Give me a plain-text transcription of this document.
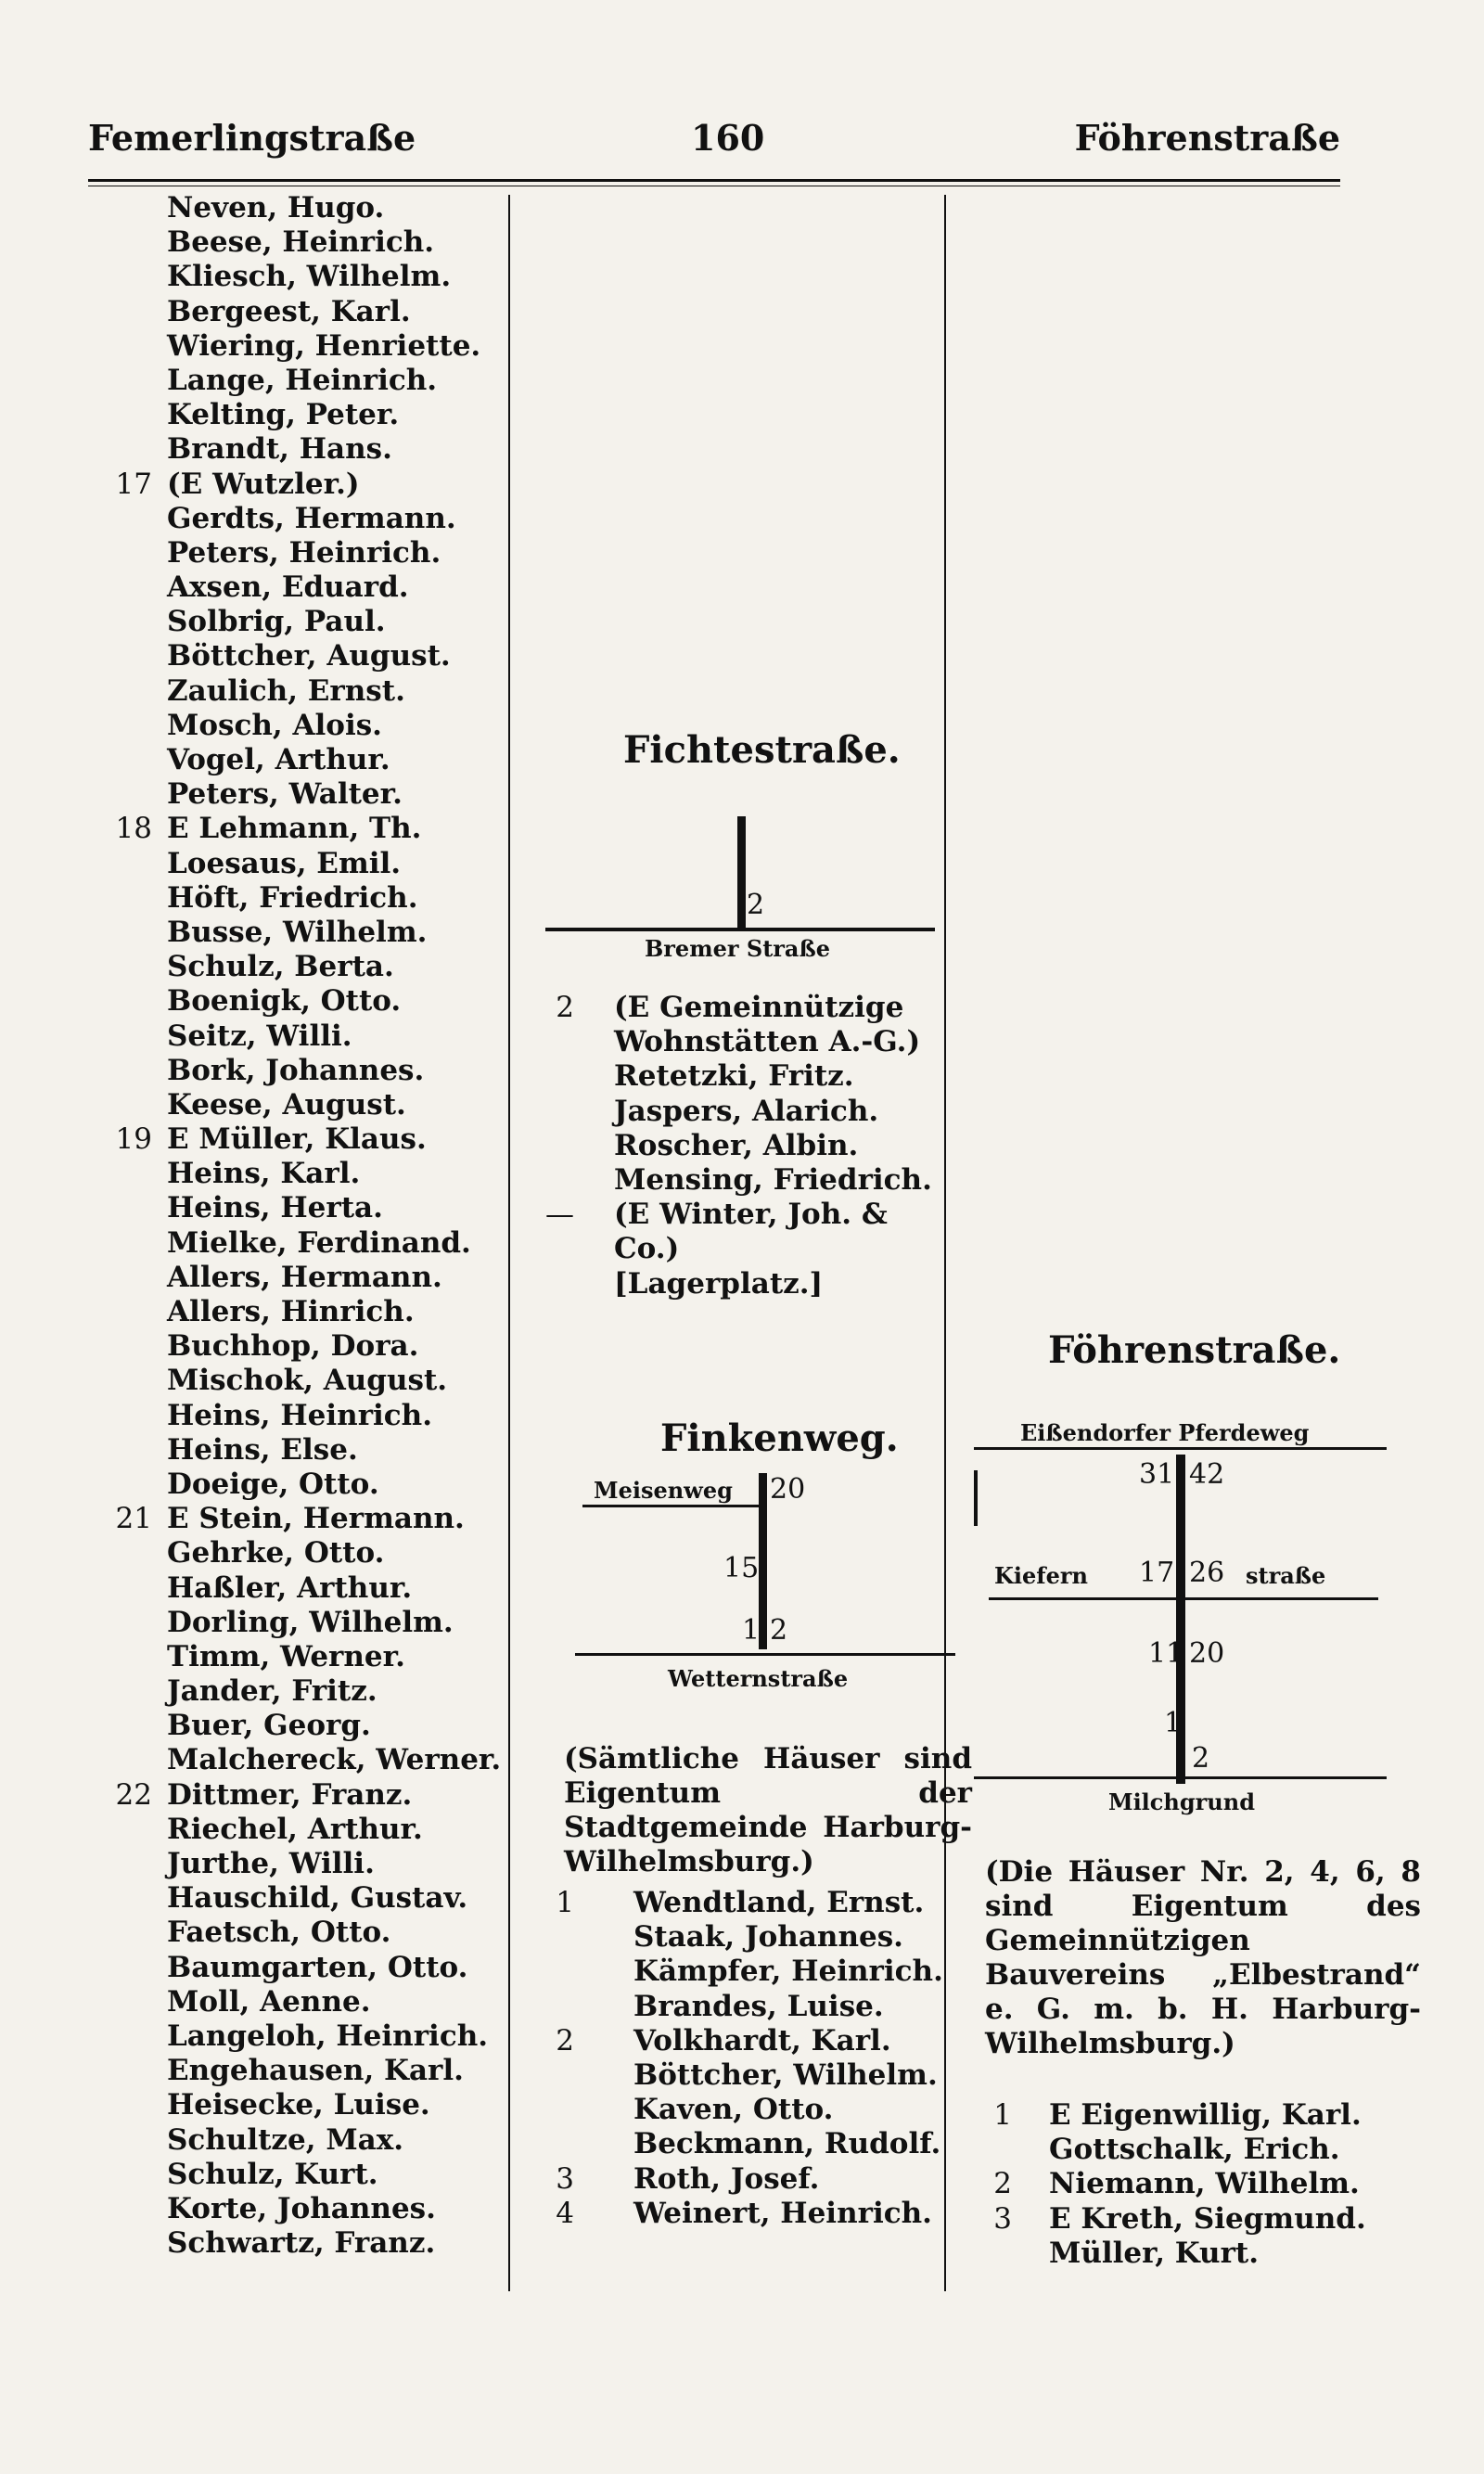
Femerlingstraße	160	Föhrenstraße
Neven, Hugo.
Beese, Heinrich.
Kliesch, Wilhelm.
Bergeest, Karl.
Wiering, Henriette.
Lange, Heinrich.
Kelting, Peter.
Brandt, Hans.
17 (E Wutzler.)
Gerdts, Hermann.
Peters, Heinrich.
Axsen, Eduard.
Solbrig, Paul.
Böttcher, August.
Zaulich, Ernst.
Mosch, Alois.
Vogel, Arthur.
Peters, Walter.
18 E Lehmann, Th.
Loesaus, Emil.
Höft, Friedrich.
Busse, Wilhelm.
Schulz, Berta.
Boenigk, Otto.
Seitz, Willi.
Bork, Johannes.
Keese, August.
19 E Müller, Klaus.
Heins, Karl.
Heins, Herta.
Mielke, Ferdinand.
Allers, Hermann.
Allers, Hinrich.
Buchhop, Dora.
Mischok, August.
Heins, Heinrich.
Heins, Else.
Doeige, Otto.
21 E Stein, Hermann.
Gehrke, Otto.
Haßler, Arthur.
Dorling, Wilhelm.
Timm, Werner.
Jander, Fritz.
Buer, Georg.
Malchereck, Werner.
22 Dittmer, Franz.
Riechel, Arthur.
Jurthe, Willi.
Hauschild, Gustav.
Faetsch, Otto.
Baumgarten, Otto.
Moll, Aenne.
Langeloh, Heinrich.
Engehausen, Karl.
Heisecke, Luise.
Schultze, Max.
Schulz, Kurt.
Korte, Johannes.
Schwartz, Franz.
Fichtestraße.
2
Bremer Straße
2 (E Gemeinnützige
Wohnstätten A.-G.)
Retetzki, Fritz.
Jaspers, Alarich.
Roscher, Albin.
Mensing, Friedrich.
— (E Winter, Joh. &
Co.)
[Lagerplatz.]
Finkenweg.
Meisenweg 20
15
1 2
Wetternstraße
(Sämtliche Häuser sind Eigentum der Stadtgemeinde Harburg-Wilhelmsburg.)
1 Wendtland, Ernst.
Staak, Johannes.
Kämpfer, Heinrich.
Brandes, Luise.
2 Volkhardt, Karl.
Böttcher, Wilhelm.
Kaven, Otto.
Beckmann, Rudolf.
3 Roth, Josef.
4 Weinert, Heinrich.
Föhrenstraße.
Eißendorfer Pferdeweg
31 42
Kiefern 17 26 straße
11 20
1
2
Milchgrund
(Die Häuser Nr. 2, 4, 6, 8 sind Eigentum des Gemeinnützigen Bauvereins „Elbestrand“ e. G. m. b. H. Harburg-Wilhelmsburg.)
1 E Eigenwillig, Karl.
Gottschalk, Erich.
2 Niemann, Wilhelm.
3 E Kreth, Siegmund.
Müller, Kurt.
